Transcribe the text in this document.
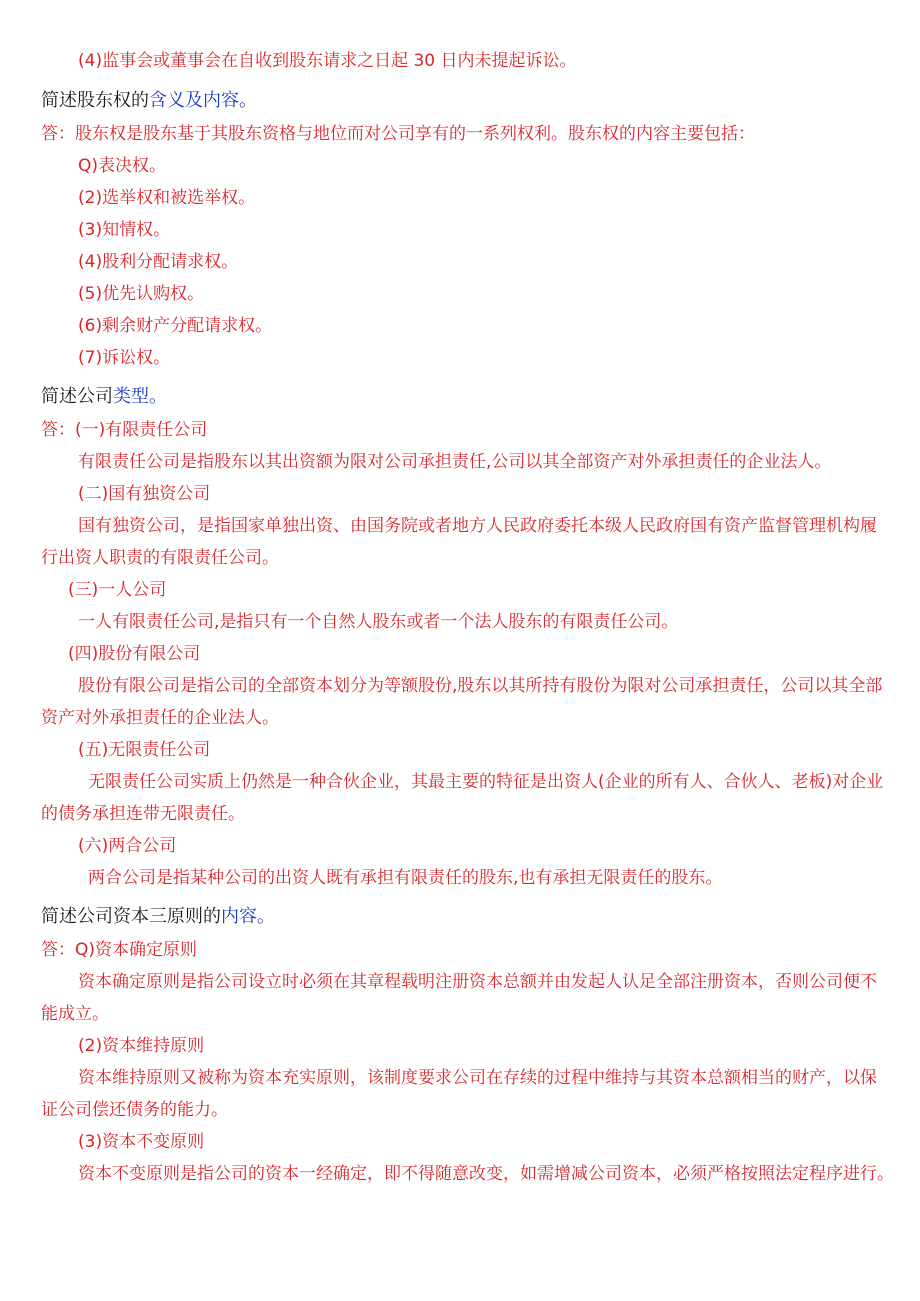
(4)监事会或董事会在自收到股东请求之日起 30 日内未提起诉讼。
简述股东权的含义及内容。
答：股东权是股东基于其股东资格与地位而对公司享有的一系列权利。股东权的内容主要包括：
Q)表决权。
(2)选举权和被选举权。
(3)知情权。
(4)股利分配请求权。
(5)优先认购权。
(6)剩余财产分配请求权。
(7)诉讼权。
简述公司类型。
答：(一)有限责任公司
有限责任公司是指股东以其出资额为限对公司承担责任,公司以其全部资产对外承担责任的企业法人。
(二)国有独资公司
国有独资公司，是指国家单独出资、由国务院或者地方人民政府委托本级人民政府国有资产监督管理机构履
行出资人职责的有限责任公司。
(三)一人公司
一人有限责任公司,是指只有一个自然人股东或者一个法人股东的有限责任公司。
(四)股份有限公司
股份有限公司是指公司的全部资本划分为等额股份,股东以其所持有股份为限对公司承担责任，公司以其全部
资产对外承担责任的企业法人。
(五)无限责任公司
无限责任公司实质上仍然是一种合伙企业，其最主要的特征是出资人(企业的所有人、合伙人、老板)对企业
的债务承担连带无限责任。
(六)两合公司
两合公司是指某种公司的出资人既有承担有限责任的股东,也有承担无限责任的股东。
简述公司资本三原则的内容。
答：Q)资本确定原则
资本确定原则是指公司设立时必须在其章程载明注册资本总额并由发起人认足全部注册资本，否则公司便不
能成立。
(2)资本维持原则
资本维持原则又被称为资本充实原则，该制度要求公司在存续的过程中维持与其资本总额相当的财产，以保
证公司偿还债务的能力。
(3)资本不变原则
资本不变原则是指公司的资本一经确定，即不得随意改变，如需增减公司资本，必须严格按照法定程序进行。
